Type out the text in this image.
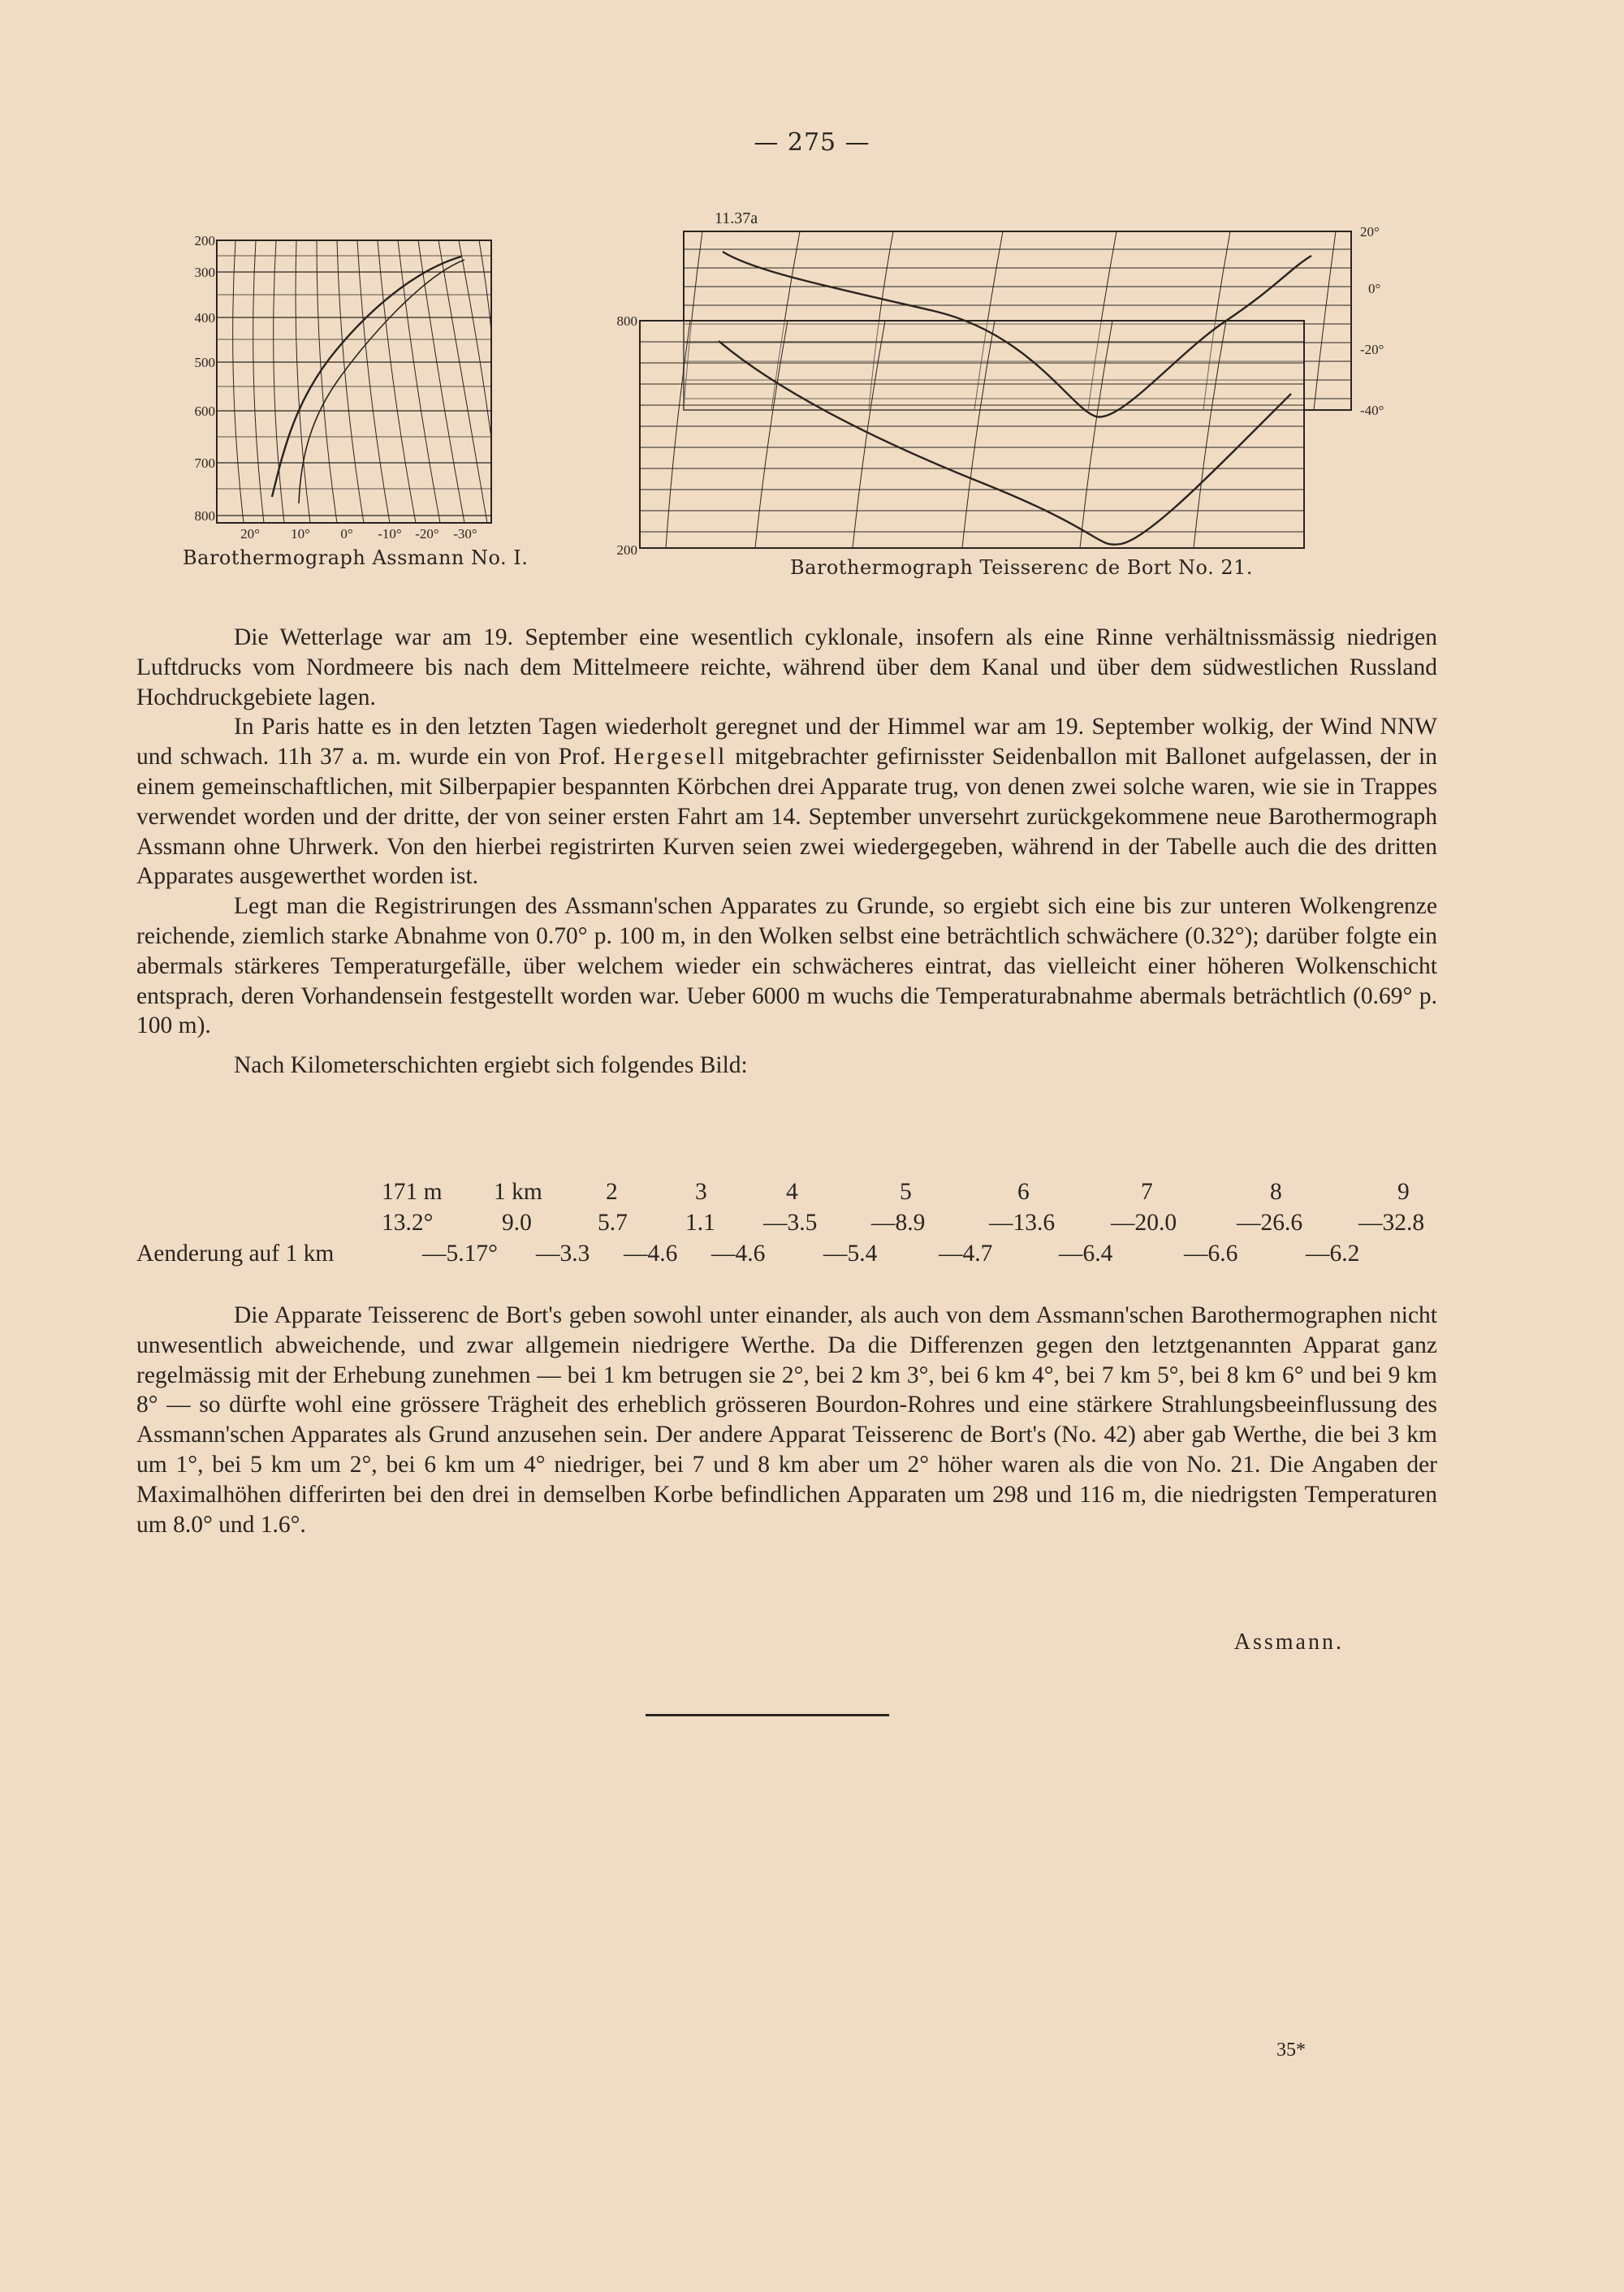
— 275 —
200
300
400
500
600
700
800
20° 10° 0° -10° -20° -30°
Barothermograph Assmann No. I.
11.37a
800
200
20°
0°
-20°
-40°
Barothermograph Teisserenc de Bort No. 21.

Die Wetterlage war am 19. September eine wesentlich cyklonale, insofern als eine Rinne verhältnissmässig niedrigen Luftdrucks vom Nordmeere bis nach dem Mittelmeere reichte, während über dem Kanal und über dem südwestlichen Russland Hochdruckgebiete lagen.

In Paris hatte es in den letzten Tagen wiederholt geregnet und der Himmel war am 19. September wolkig, der Wind NNW und schwach. 11h 37 a. m. wurde ein von Prof. Hergesell mitgebrachter gefirnisster Seidenballon mit Ballonet aufgelassen, der in einem gemeinschaftlichen, mit Silberpapier bespannten Körbchen drei Apparate trug, von denen zwei solche waren, wie sie in Trappes verwendet worden und der dritte, der von seiner ersten Fahrt am 14. September unversehrt zurückgekommene neue Barothermograph Assmann ohne Uhrwerk. Von den hierbei registrirten Kurven seien zwei wiedergegeben, während in der Tabelle auch die des dritten Apparates ausgewerthet worden ist.

Legt man die Registrirungen des Assmann'schen Apparates zu Grunde, so ergiebt sich eine bis zur unteren Wolkengrenze reichende, ziemlich starke Abnahme von 0.70° p. 100 m, in den Wolken selbst eine beträchtlich schwächere (0.32°); darüber folgte ein abermals stärkeres Temperaturgefälle, über welchem wieder ein schwächeres eintrat, das vielleicht einer höheren Wolkenschicht entsprach, deren Vorhandensein festgestellt worden war. Ueber 6000 m wuchs die Temperaturabnahme abermals beträchtlich (0.69° p. 100 m).

Nach Kilometerschichten ergiebt sich folgendes Bild:

171 m 1 km	2	3	4	5	6	7	8	9
13.2°	9.0	5.7 1.1 —3.5 —8.9	—13.6 —20.0	—26.6 —32.8
Aenderung auf 1 km	—5.17° —3.3 —4.6 —4.6 —5.4	—4.7	—6.4	—6.6	—6.2

Die Apparate Teisserenc de Bort's geben sowohl unter einander, als auch von dem Assmann'schen Barothermographen nicht unwesentlich abweichende, und zwar allgemein niedrigere Werthe. Da die Differenzen gegen den letztgenannten Apparat ganz regelmässig mit der Erhebung zunehmen — bei 1 km betrugen sie 2°, bei 2 km 3°, bei 6 km 4°, bei 7 km 5°, bei 8 km 6° und bei 9 km 8° — so dürfte wohl eine grössere Trägheit des erheblich grösseren Bourdon-Rohres und eine stärkere Strahlungsbeeinflussung des Assmann'schen Apparates als Grund anzusehen sein. Der andere Apparat Teisserenc de Bort's (No. 42) aber gab Werthe, die bei 3 km um 1°, bei 5 km um 2°, bei 6 km um 4° niedriger, bei 7 und 8 km aber um 2° höher waren als die von No. 21. Die Angaben der Maximalhöhen differirten bei den drei in demselben Korbe befindlichen Apparaten um 298 und 116 m, die niedrigsten Temperaturen um 8.0° und 1.6°.

Assmann.
35*
